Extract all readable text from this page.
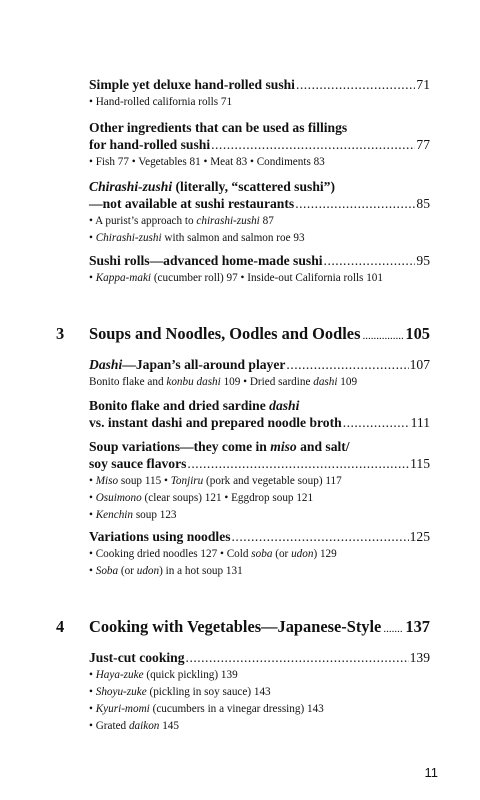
Simple yet deluxe hand-rolled sushi .....	71
• Hand-rolled california rolls 71
Other ingredients that can be used as fillings
for hand-rolled sushi .....	77
• Fish 77 • Vegetables 81 • Meat 83 • Condiments 83
Chirashi-zushi (literally, “scattered sushi”)
—not available at sushi restaurants .....	85
• A purist’s approach to chirashi-zushi 87
• Chirashi-zushi with salmon and salmon roe 93
Sushi rolls—advanced home-made sushi .....	95
• Kappa-maki (cucumber roll) 97 • Inside-out California rolls 101
3	Soups and Noodles, Oodles and Oodles .....	105
Dashi—Japan’s all-around player .....	107
Bonito flake and konbu dashi 109 • Dried sardine dashi 109
Bonito flake and dried sardine dashi
vs. instant dashi and prepared noodle broth .....	111
Soup variations—they come in miso and salt/
soy sauce flavors .....	115
• Miso soup 115 • Tonjiru (pork and vegetable soup) 117
• Osuimono (clear soups) 121 • Eggdrop soup 121
• Kenchin soup 123
Variations using noodles .....	125
• Cooking dried noodles 127 • Cold soba (or udon) 129
• Soba (or udon) in a hot soup 131
4	Cooking with Vegetables—Japanese-Style ..... 137
Just-cut cooking .....	139
• Haya-zuke (quick pickling) 139
• Shoyu-zuke (pickling in soy sauce) 143
• Kyuri-momi (cucumbers in a vinegar dressing) 143
• Grated daikon 145
11
